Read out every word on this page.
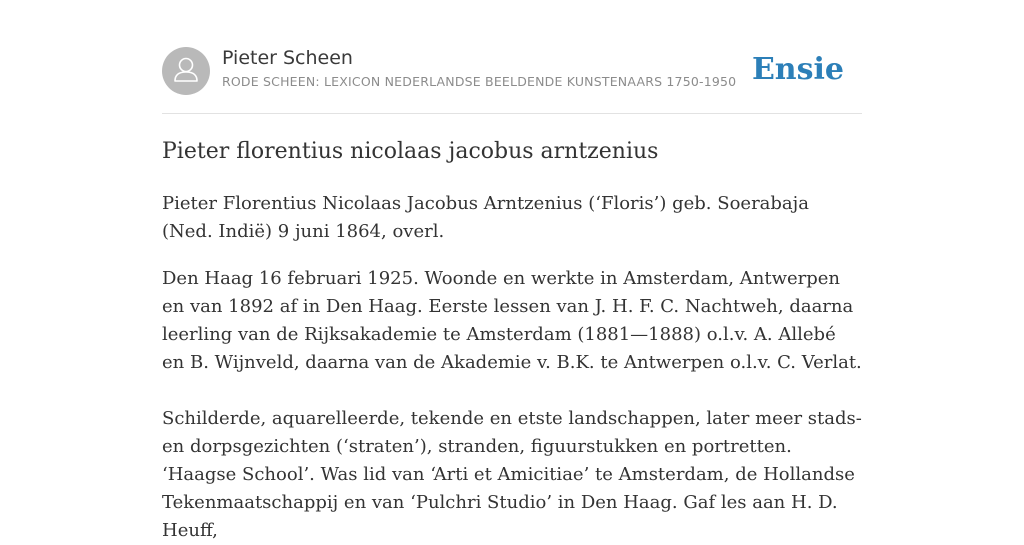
Pieter Scheen
RODE SCHEEN: LEXICON NEDERLANDSE BEELDENDE KUNSTENAARS 1750-1950 Ensie
Pieter florentius nicolaas jacobus arntzenius

Pieter Florentius Nicolaas Jacobus Arntzenius (‘Floris’) geb. Soerabaja (Ned. Indië) 9 juni 1864, overl.

Den Haag 16 februari 1925. Woonde en werkte in Amsterdam, Antwerpen en van 1892 af in Den Haag. Eerste lessen van J. H. F. C. Nachtweh, daarna leerling van de Rijksakademie te Amsterdam (1881—1888) o.l.v. A. Allebé en B. Wijnveld, daarna van de Akademie v. B.K. te Antwerpen o.l.v. C. Verlat.

Schilderde, aquarelleerde, tekende en etste landschappen, later meer stads- en dorpsgezichten (‘straten’), stranden, figuurstukken en portretten. ‘Haagse School’. Was lid van ‘Arti et Amicitiae’ te Amsterdam, de Hollandse Tekenmaatschappij en van ‘Pulchri Studio’ in Den Haag. Gaf les aan H. D. Heuff,
